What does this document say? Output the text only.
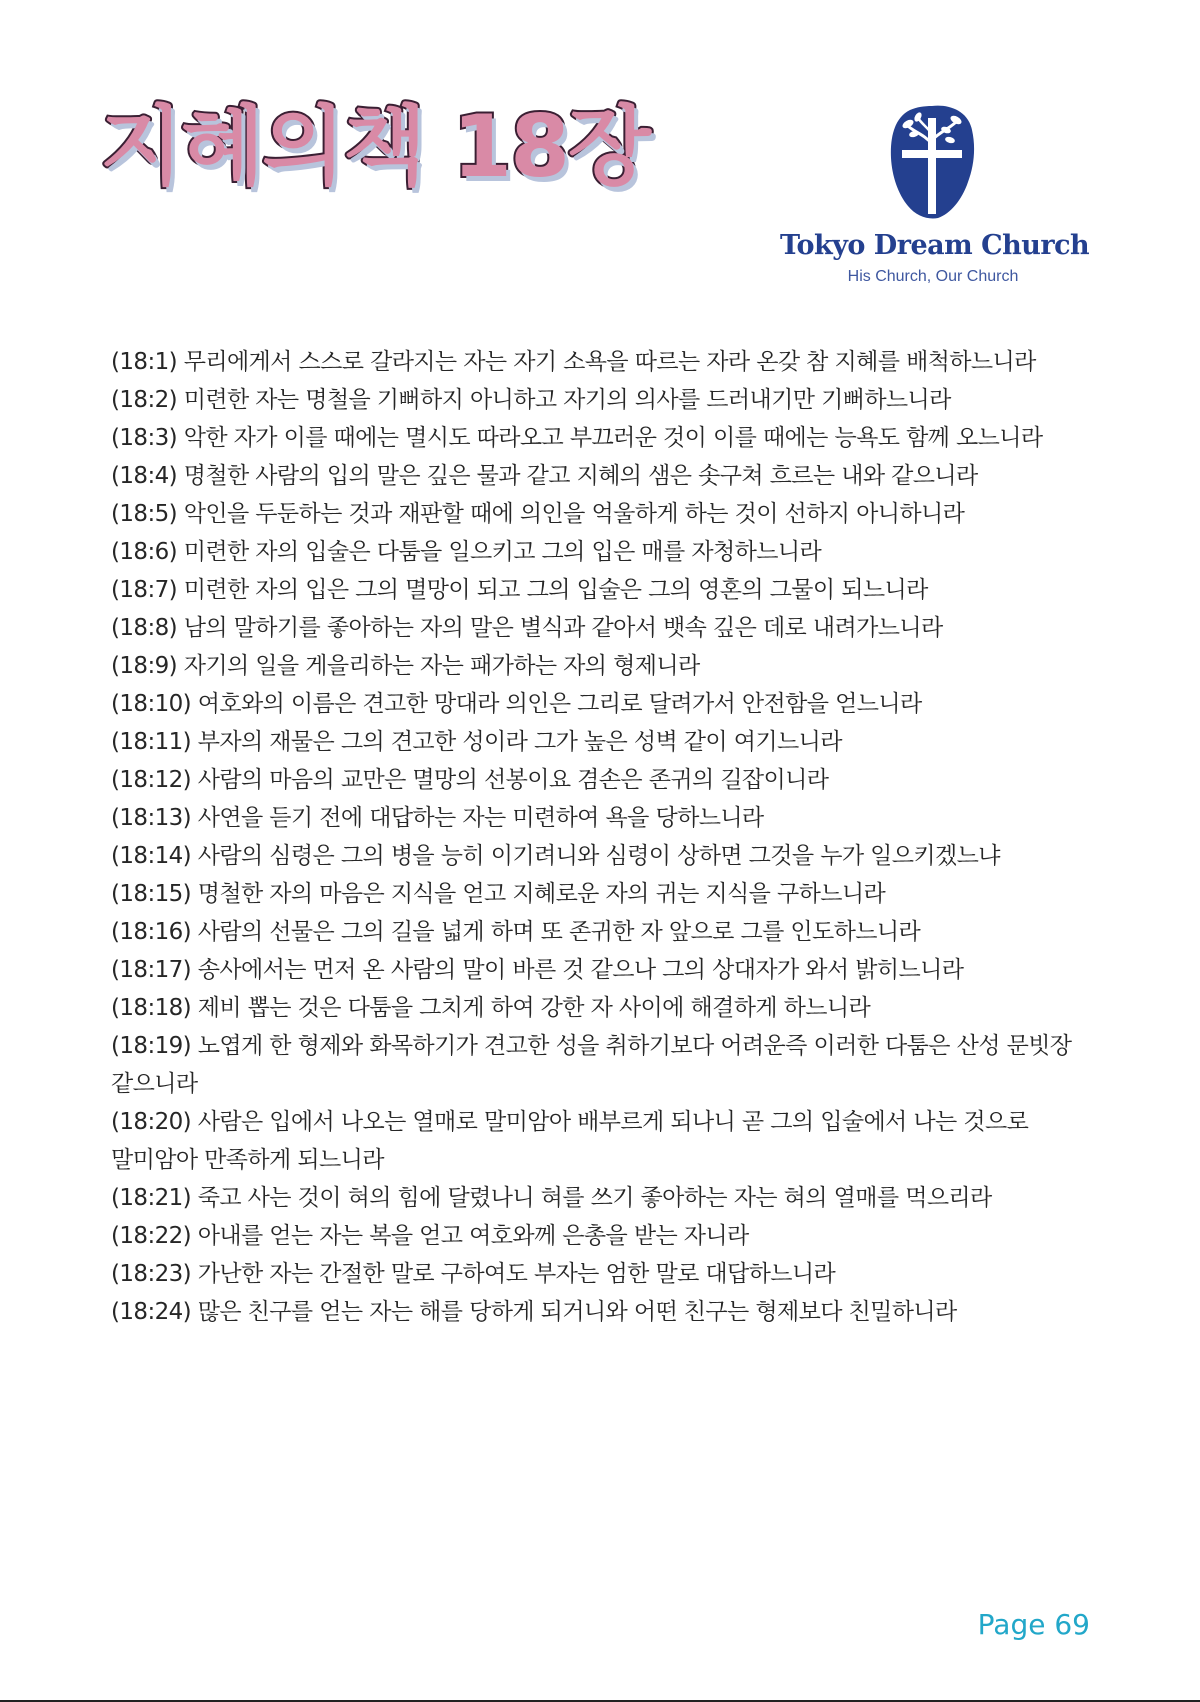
지혜의책 18장
Tokyo Dream Church
His Church, Our Church
(18:1) 무리에게서 스스로 갈라지는 자는 자기 소욕을 따르는 자라 온갖 참 지혜를 배척하느니라
(18:2) 미련한 자는 명철을 기뻐하지 아니하고 자기의 의사를 드러내기만 기뻐하느니라
(18:3) 악한 자가 이를 때에는 멸시도 따라오고 부끄러운 것이 이를 때에는 능욕도 함께 오느니라
(18:4) 명철한 사람의 입의 말은 깊은 물과 같고 지혜의 샘은 솟구쳐 흐르는 내와 같으니라
(18:5) 악인을 두둔하는 것과 재판할 때에 의인을 억울하게 하는 것이 선하지 아니하니라
(18:6) 미련한 자의 입술은 다툼을 일으키고 그의 입은 매를 자청하느니라
(18:7) 미련한 자의 입은 그의 멸망이 되고 그의 입술은 그의 영혼의 그물이 되느니라
(18:8) 남의 말하기를 좋아하는 자의 말은 별식과 같아서 뱃속 깊은 데로 내려가느니라
(18:9) 자기의 일을 게을리하는 자는 패가하는 자의 형제니라
(18:10) 여호와의 이름은 견고한 망대라 의인은 그리로 달려가서 안전함을 얻느니라
(18:11) 부자의 재물은 그의 견고한 성이라 그가 높은 성벽 같이 여기느니라
(18:12) 사람의 마음의 교만은 멸망의 선봉이요 겸손은 존귀의 길잡이니라
(18:13) 사연을 듣기 전에 대답하는 자는 미련하여 욕을 당하느니라
(18:14) 사람의 심령은 그의 병을 능히 이기려니와 심령이 상하면 그것을 누가 일으키겠느냐
(18:15) 명철한 자의 마음은 지식을 얻고 지혜로운 자의 귀는 지식을 구하느니라
(18:16) 사람의 선물은 그의 길을 넓게 하며 또 존귀한 자 앞으로 그를 인도하느니라
(18:17) 송사에서는 먼저 온 사람의 말이 바른 것 같으나 그의 상대자가 와서 밝히느니라
(18:18) 제비 뽑는 것은 다툼을 그치게 하여 강한 자 사이에 해결하게 하느니라
(18:19) 노엽게 한 형제와 화목하기가 견고한 성을 취하기보다 어려운즉 이러한 다툼은 산성 문빗장 같으니라
(18:20) 사람은 입에서 나오는 열매로 말미암아 배부르게 되나니 곧 그의 입술에서 나는 것으로 말미암아 만족하게 되느니라
(18:21) 죽고 사는 것이 혀의 힘에 달렸나니 혀를 쓰기 좋아하는 자는 혀의 열매를 먹으리라
(18:22) 아내를 얻는 자는 복을 얻고 여호와께 은총을 받는 자니라
(18:23) 가난한 자는 간절한 말로 구하여도 부자는 엄한 말로 대답하느니라
(18:24) 많은 친구를 얻는 자는 해를 당하게 되거니와 어떤 친구는 형제보다 친밀하니라
Page 69
